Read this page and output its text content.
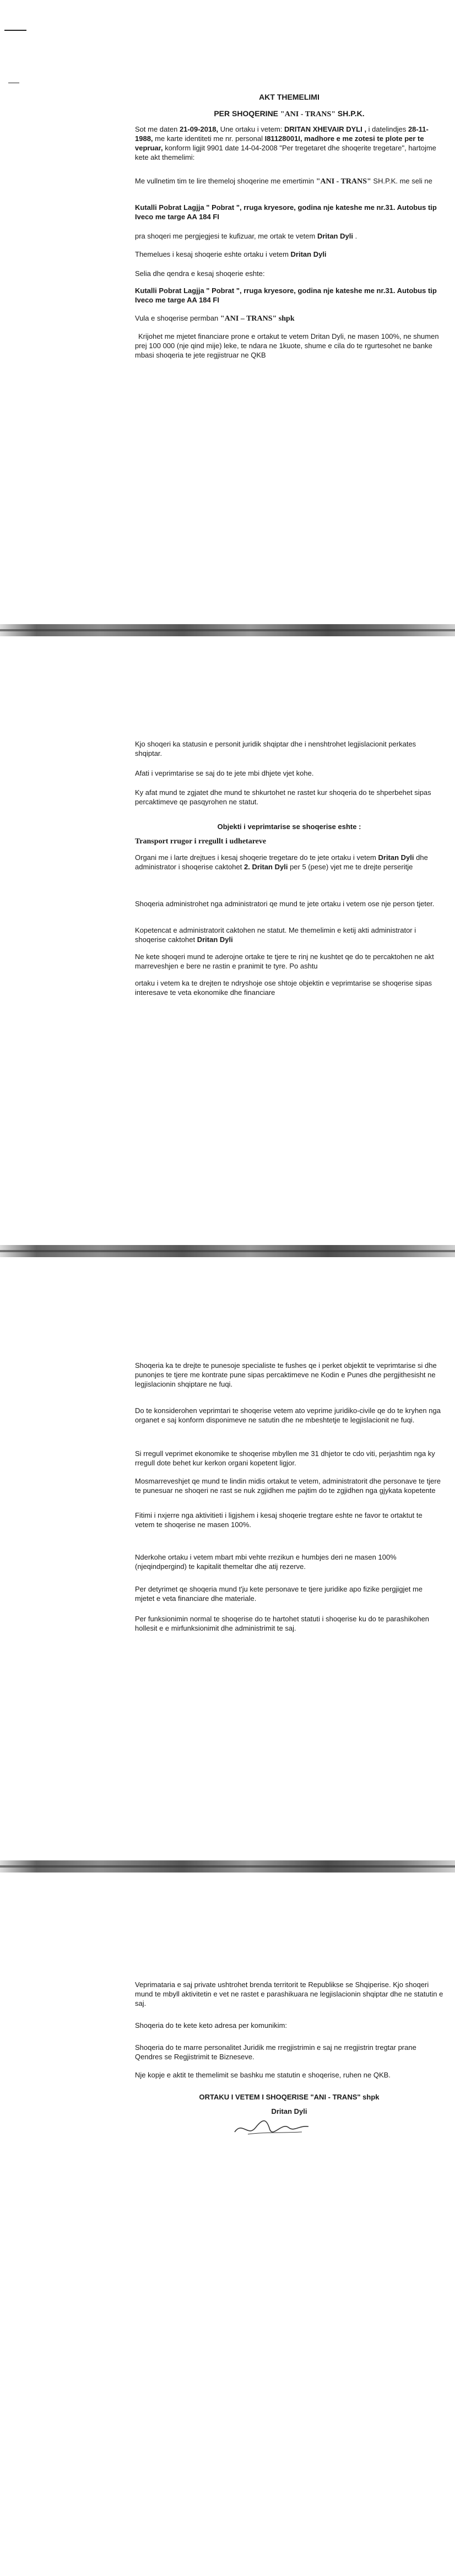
AKT THEMELIMI
PER SHOQERINE "ANI - TRANS" SH.P.K.

Sot me daten 21-09-2018, Une ortaku i vetem: DRITAN XHEVAIR DYLI , i datelindjes 28-11-1988, me karte identiteti me nr. personal I81128001I, madhore e me zotesi te plote per te vepruar, konform ligjit 9901 date 14-04-2008 "Per tregetaret dhe shoqerite tregetare", hartojme kete akt themelimi:

Me vullnetim tim te lire themeloj shoqerine me emertimin "ANI - TRANS" SH.P.K. me seli ne

Kutalli Pobrat Lagjja " Pobrat ", rruga kryesore, godina nje kateshe me nr.31. Autobus tip Iveco me targe AA 184 FI

pra shoqeri me pergjegjesi te kufizuar, me ortak te vetem Dritan Dyli .

Themelues i kesaj shoqerie eshte ortaku i vetem Dritan Dyli

Selia dhe qendra e kesaj shoqerie eshte:

Kutalli Pobrat Lagjja " Pobrat ", rruga kryesore, godina nje kateshe me nr.31. Autobus tip Iveco me targe AA 184 FI

Vula e shoqerise permban "ANI – TRANS" shpk

Krijohet me mjetet financiare prone e ortakut te vetem Dritan Dyli, ne masen 100%, ne shumen prej 100 000 (nje qind mije) leke, te ndara ne 1kuote, shume e cila do te rgurtesohet ne banke mbasi shoqeria te jete regjistruar ne QKB

Kjo shoqeri ka statusin e personit juridik shqiptar dhe i nenshtrohet legjislacionit perkates shqiptar.

Afati i veprimtarise se saj do te jete mbi dhjete vjet kohe.

Ky afat mund te zgjatet dhe mund te shkurtohet ne rastet kur shoqeria do te shperbehet sipas percaktimeve qe pasqyrohen ne statut.

Objekti i veprimtarise se shoqerise eshte :
Transport rrugor i rregullt i udhetareve

Organi me i larte drejtues i kesaj shoqerie tregetare do te jete ortaku i vetem Dritan Dyli dhe administrator i shoqerise caktohet 2. Dritan Dyli per 5 (pese) vjet me te drejte perseritje

Shoqeria administrohet nga administratori qe mund te jete ortaku i vetem ose nje person tjeter.

Kopetencat e administratorit caktohen ne statut. Me themelimin e ketij akti administrator i shoqerise caktohet Dritan Dyli

Ne kete shoqeri mund te aderojne ortake te tjere te rinj ne kushtet qe do te percaktohen ne akt marreveshjen e bere ne rastin e pranimit te tyre. Po ashtu

ortaku i vetem ka te drejten te ndryshoje ose shtoje objektin e veprimtarise se shoqerise sipas interesave te veta ekonomike dhe financiare

Shoqeria ka te drejte te punesoje specialiste te fushes qe i perket objektit te veprimtarise si dhe punonjes te tjere me kontrate pune sipas percaktimeve ne Kodin e Punes dhe pergjithesisht ne legjislacionin shqiptare ne fuqi.

Do te konsiderohen veprimtari te shoqerise vetem ato veprime juridiko-civile qe do te kryhen nga organet e saj konform disponimeve ne satutin dhe ne mbeshtetje te legjislacionit ne fuqi.

Si rregull veprimet ekonomike te shoqerise mbyllen me 31 dhjetor te cdo viti, perjashtim nga ky rregull dote behet kur kerkon organi kopetent ligjor.

Mosmarreveshjet qe mund te lindin midis ortakut te vetem, administratorit dhe personave te tjere te punesuar ne shoqeri ne rast se nuk zgjidhen me pajtim do te zgjidhen nga gjykata kopetente

Fitimi i nxjerre nga aktivitieti i ligjshem i kesaj shoqerie tregtare eshte ne favor te ortaktut te vetem te shoqerise ne masen 100%.

Nderkohe ortaku i vetem mbart mbi vehte rrezikun e humbjes deri ne masen 100% (njeqindpergind) te kapitalit themeltar dhe atij rezerve.

Per detyrimet qe shoqeria mund t'ju kete personave te tjere juridike apo fizike pergjigjet me mjetet e veta financiare dhe materiale.

Per funksionimin normal te shoqerise do te hartohet statuti i shoqerise ku do te parashikohen hollesit e e mirfunksionimit dhe administrimit te saj.

Veprimataria e saj private ushtrohet brenda territorit te Republikse se Shqiperise. Kjo shoqeri mund te mbyll aktivitetin e vet ne rastet e parashikuara ne legjislacionin shqiptar dhe ne statutin e saj.

Shoqeria do te kete keto adresa per komunikim:

Shoqeria do te marre personalitet Juridik me rregjistrimin e saj ne rregjistrin tregtar prane Qendres se Regjistrimit te Bizneseve.

Nje kopje e aktit te themelimit se bashku me statutin e shoqerise, ruhen ne QKB.

ORTAKU I VETEM I SHOQERISE "ANI - TRANS" shpk
Dritan Dyli
